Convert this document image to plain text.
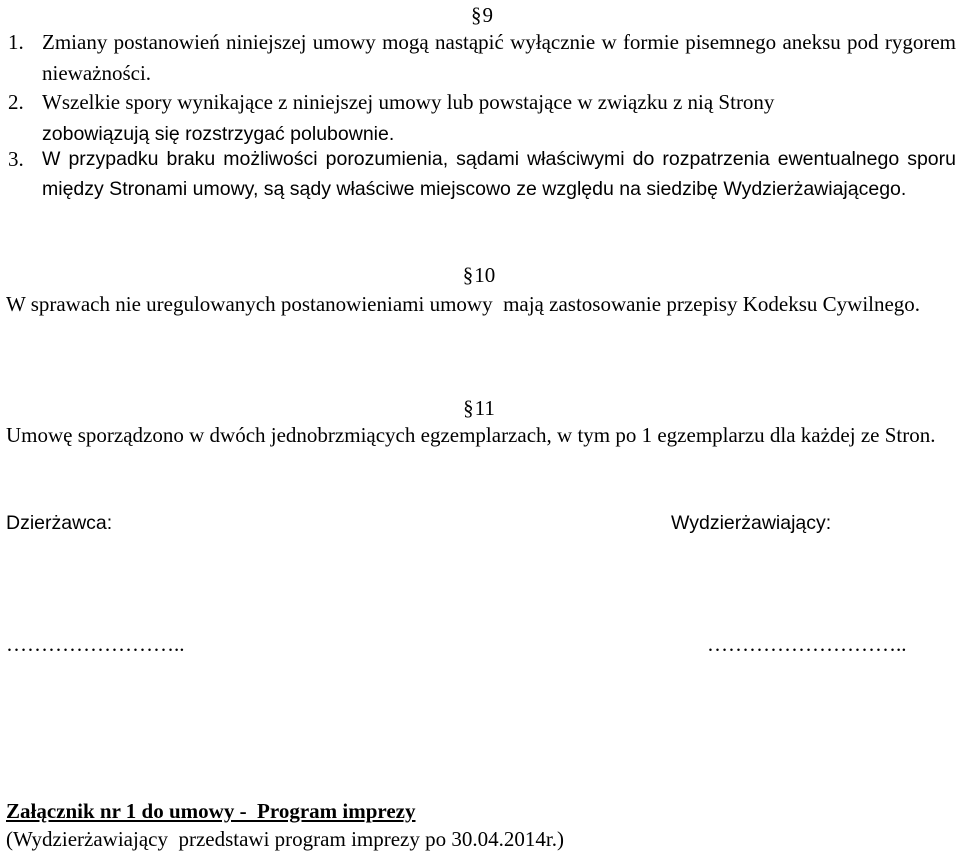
§9
1. Zmiany postanowień niniejszej umowy mogą nastąpić wyłącznie w formie pisemnego aneksu pod rygorem nieważności.
2. Wszelkie spory wynikające z niniejszej umowy lub powstające w związku z nią Strony
zobowiązują się rozstrzygać polubownie.
3. W przypadku braku możliwości porozumienia, sądami właściwymi do rozpatrzenia ewentualnego sporu między Stronami umowy, są sądy właściwe miejscowo ze względu na siedzibę Wydzierżawiającego.
§10
W sprawach nie uregulowanych postanowieniami umowy  mają zastosowanie przepisy Kodeksu Cywilnego.
§11
Umowę sporządzono w dwóch jednobrzmiących egzemplarzach, w tym po 1 egzemplarzu dla każdej ze Stron.
Dzierżawca:	Wydzierżawiający:
……………………..	………………………..
Załącznik nr 1 do umowy -  Program imprezy
(Wydzierżawiający  przedstawi program imprezy po 30.04.2014r.)
